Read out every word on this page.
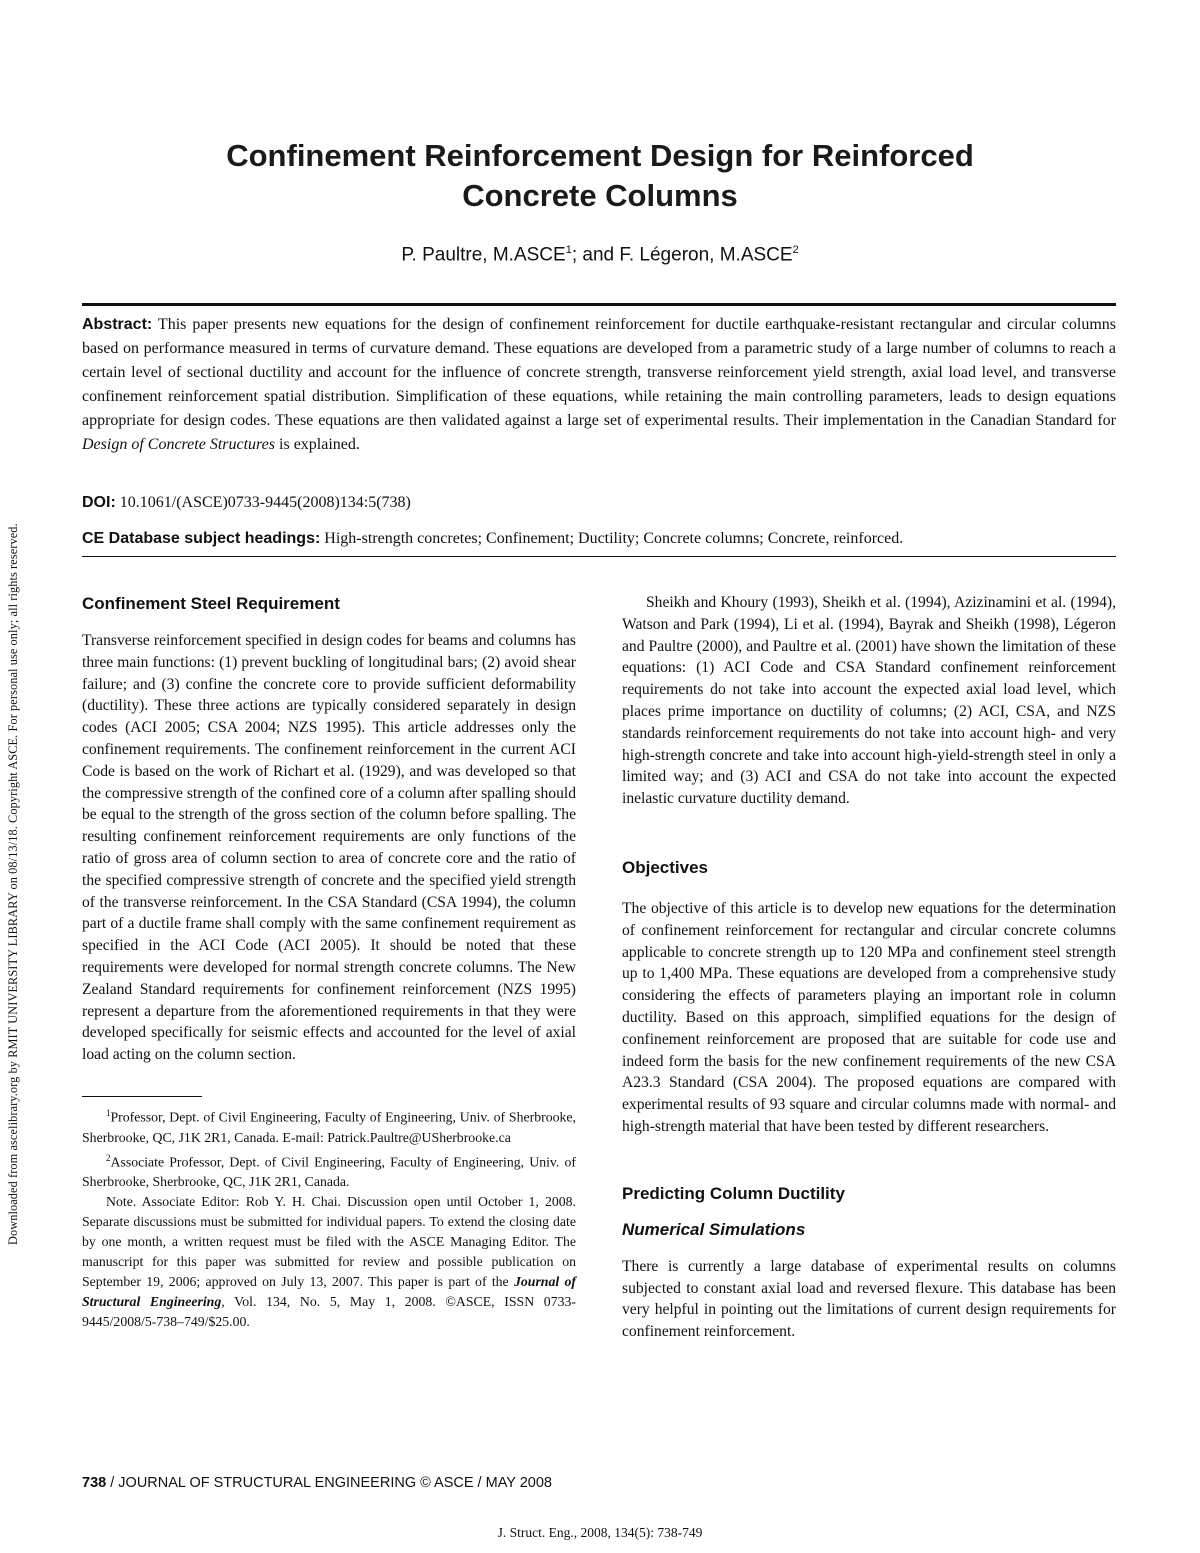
Downloaded from ascelibrary.org by RMIT UNIVERSITY LIBRARY on 08/13/18. Copyright ASCE. For personal use only; all rights reserved.
Confinement Reinforcement Design for Reinforced
Concrete Columns
P. Paultre, M.ASCE$^1$; and F. Légeron, M.ASCE$^2$

Abstract: This paper presents new equations for the design of confinement reinforcement for ductile earthquake-resistant rectangular and circular columns based on performance measured in terms of curvature demand. These equations are developed from a parametric study of a large number of columns to reach a certain level of sectional ductility and account for the influence of concrete strength, transverse reinforcement yield strength, axial load level, and transverse confinement reinforcement spatial distribution. Simplification of these equations, while retaining the main controlling parameters, leads to design equations appropriate for design codes. These equations are then validated against a large set of experimental results. Their implementation in the Canadian Standard for Design of Concrete Structures is explained.

DOI: 10.1061/(ASCE)0733-9445(2008)134:5(738)

CE Database subject headings: High-strength concretes; Confinement; Ductility; Concrete columns; Concrete, reinforced.

Confinement Steel Requirement

Transverse reinforcement specified in design codes for beams and columns has three main functions: (1) prevent buckling of longitudinal bars; (2) avoid shear failure; and (3) confine the concrete core to provide sufficient deformability (ductility). These three actions are typically considered separately in design codes (ACI 2005; CSA 2004; NZS 1995). This article addresses only the confinement requirements. The confinement reinforcement in the current ACI Code is based on the work of Richart et al. (1929), and was developed so that the compressive strength of the confined core of a column after spalling should be equal to the strength of the gross section of the column before spalling. The resulting confinement reinforcement requirements are only functions of the ratio of gross area of column section to area of concrete core and the ratio of the specified compressive strength of concrete and the specified yield strength of the transverse reinforcement. In the CSA Standard (CSA 1994), the column part of a ductile frame shall comply with the same confinement requirement as specified in the ACI Code (ACI 2005). It should be noted that these requirements were developed for normal strength concrete columns. The New Zealand Standard requirements for confinement reinforcement (NZS 1995) represent a departure from the aforementioned requirements in that they were developed specifically for seismic effects and accounted for the level of axial load acting on the column section.

$^1$Professor, Dept. of Civil Engineering, Faculty of Engineering, Univ. of Sherbrooke, Sherbrooke, QC, J1K 2R1, Canada. E-mail: Patrick.Paultre@USherbrooke.ca

$^2$Associate Professor, Dept. of Civil Engineering, Faculty of Engineering, Univ. of Sherbrooke, Sherbrooke, QC, J1K 2R1, Canada.

Note. Associate Editor: Rob Y. H. Chai. Discussion open until October 1, 2008. Separate discussions must be submitted for individual papers. To extend the closing date by one month, a written request must be filed with the ASCE Managing Editor. The manuscript for this paper was submitted for review and possible publication on September 19, 2006; approved on July 13, 2007. This paper is part of the Journal of Structural Engineering, Vol. 134, No. 5, May 1, 2008. ©ASCE, ISSN 0733-9445/2008/5-738–749/$25.00.

Sheikh and Khoury (1993), Sheikh et al. (1994), Azizinamini et al. (1994), Watson and Park (1994), Li et al. (1994), Bayrak and Sheikh (1998), Légeron and Paultre (2000), and Paultre et al. (2001) have shown the limitation of these equations: (1) ACI Code and CSA Standard confinement reinforcement requirements do not take into account the expected axial load level, which places prime importance on ductility of columns; (2) ACI, CSA, and NZS standards reinforcement requirements do not take into account high- and very high-strength concrete and take into account high-yield-strength steel in only a limited way; and (3) ACI and CSA do not take into account the expected inelastic curvature ductility demand.

Objectives

The objective of this article is to develop new equations for the determination of confinement reinforcement for rectangular and circular concrete columns applicable to concrete strength up to 120 MPa and confinement steel strength up to 1,400 MPa. These equations are developed from a comprehensive study considering the effects of parameters playing an important role in column ductility. Based on this approach, simplified equations for the design of confinement reinforcement are proposed that are suitable for code use and indeed form the basis for the new confinement requirements of the new CSA A23.3 Standard (CSA 2004). The proposed equations are compared with experimental results of 93 square and circular columns made with normal- and high-strength material that have been tested by different researchers.

Predicting Column Ductility
Numerical Simulations

There is currently a large database of experimental results on columns subjected to constant axial load and reversed flexure. This database has been very helpful in pointing out the limitations of current design requirements for confinement reinforcement.

738 / JOURNAL OF STRUCTURAL ENGINEERING © ASCE / MAY 2008
J. Struct. Eng., 2008, 134(5): 738-749
